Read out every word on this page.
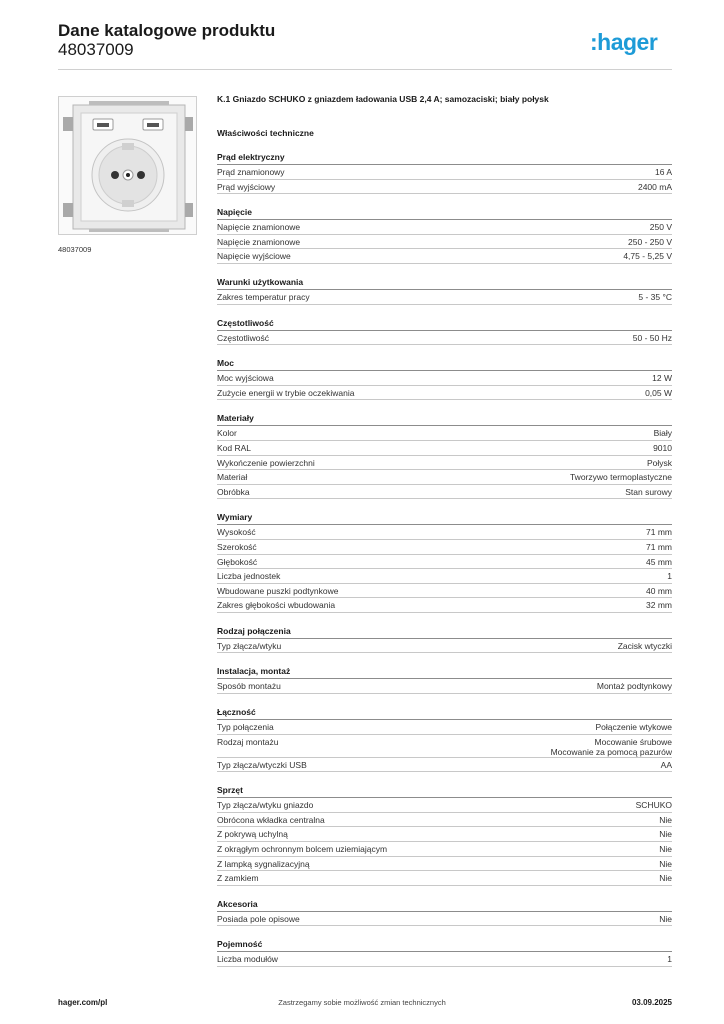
Dane katalogowe produktu
48037009	:hager
48037009
K.1 Gniazdo SCHUKO z gniazdem ładowania USB 2,4 A; samozaciski; biały połysk
Właściwości techniczne
Prąd elektryczny
Prąd znamionowy	16 A
Prąd wyjściowy	2400 mA
Napięcie
Napięcie znamionowe	250 V
Napięcie znamionowe	250 - 250 V
Napięcie wyjściowe	4,75 - 5,25 V
Warunki użytkowania
Zakres temperatur pracy	5 - 35 °C
Częstotliwość
Częstotliwość	50 - 50 Hz
Moc
Moc wyjściowa	12 W
Zużycie energii w trybie oczekiwania	0,05 W
Materiały
Kolor	Biały
Kod RAL	9010
Wykończenie powierzchni	Połysk
Materiał	Tworzywo termoplastyczne
Obróbka	Stan surowy
Wymiary
Wysokość	71 mm
Szerokość	71 mm
Głębokość	45 mm
Liczba jednostek	1
Wbudowane puszki podtynkowe	40 mm
Zakres głębokości wbudowania	32 mm
Rodzaj połączenia
Typ złącza/wtyku	Zacisk wtyczki
Instalacja, montaż
Sposób montażu	Montaż podtynkowy
Łączność
Typ połączenia	Połączenie wtykowe
Rodzaj montażu	Mocowanie śrubowe
Mocowanie za pomocą pazurów
Typ złącza/wtyczki USB	AA
Sprzęt
Typ złącza/wtyku gniazdo	SCHUKO
Obrócona wkładka centralna	Nie
Z pokrywą uchylną	Nie
Z okrągłym ochronnym bolcem uziemiającym	Nie
Z lampką sygnalizacyjną	Nie
Z zamkiem	Nie
Akcesoria
Posiada pole opisowe	Nie
Pojemność
Liczba modułów	1
hager.com/pl	Zastrzegamy sobie możliwość zmian technicznych	03.09.2025
